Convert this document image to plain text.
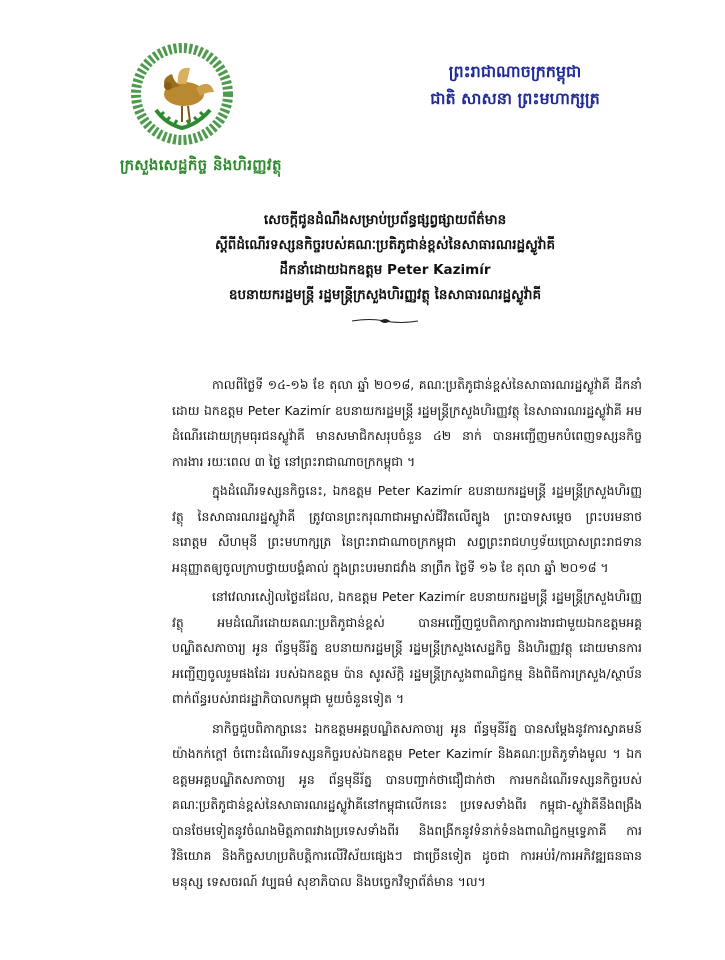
ក្រសួងសេដ្ឋកិច្ច និងហិរញ្ញវត្ថុ
ព្រះរាជាណាចក្រកម្ពុជា
ជាតិ សាសនា ព្រះមហាក្សត្រ
សេចក្តីជូនដំណឹងសម្រាប់ប្រព័ន្ធផ្សព្វផ្សាយព័ត៌មាន
ស្តីពីដំណើរទស្សនកិច្ចរបស់គណៈប្រតិភូជាន់ខ្ពស់នៃសាធារណរដ្ឋស្លូវ៉ាគី
ដឹកនាំដោយឯកឧត្តម Peter Kazimír
ឧបនាយករដ្ឋមន្ត្រី រដ្ឋមន្ត្រីក្រសួងហិរញ្ញវត្ថុ នៃសាធារណរដ្ឋស្លូវ៉ាគី

កាលពីថ្ងៃទី ១៤-១៦ ខែ តុលា ឆ្នាំ ២០១៨, គណៈប្រតិភូជាន់ខ្ពស់នៃសាធារណរដ្ឋស្លូវ៉ាគី ដឹកនាំដោយ ឯកឧត្តម Peter Kazimír ឧបនាយករដ្ឋមន្ត្រី រដ្ឋមន្ត្រីក្រសួងហិរញ្ញវត្ថុ នៃសាធារណរដ្ឋស្លូវ៉ាគី អមដំណើរដោយក្រុមធុរជនស្លូវ៉ាគី មានសមាជិកសរុបចំនួន ៤២ នាក់ បានអញ្ជើញមកបំពេញទស្សនកិច្ចការងារ រយៈពេល ៣ ថ្ងៃ នៅព្រះរាជាណាចក្រកម្ពុជា ។

ក្នុងដំណើរទស្សនកិច្ចនេះ, ឯកឧត្តម Peter Kazimír ឧបនាយករដ្ឋមន្ត្រី រដ្ឋមន្ត្រីក្រសួងហិរញ្ញវត្ថុ នៃសាធារណរដ្ឋស្លូវ៉ាគី ត្រូវបានព្រះករុណាជាអម្ចាស់ជីវិតលើត្បូង ព្រះបាទសម្តេច ព្រះបរមនាថ នរោត្តម សីហមុនី ព្រះមហាក្សត្រ នៃព្រះរាជាណាចក្រកម្ពុជា សព្វព្រះរាជហឫទ័យប្រោសព្រះរាជទានអនុញ្ញាតឲ្យចូលក្រាបថ្វាយបង្គំគាល់ ក្នុងព្រះបរមរាជវាំង នាព្រឹក ថ្ងៃទី ១៦ ខែ តុលា ឆ្នាំ ២០១៨ ។

នៅវេលារសៀលថ្ងៃដដែល, ឯកឧត្តម Peter Kazimír ឧបនាយករដ្ឋមន្ត្រី រដ្ឋមន្ត្រីក្រសួងហិរញ្ញវត្ថុ អមដំណើរដោយគណៈប្រតិភូជាន់ខ្ពស់ បានអញ្ជើញជួបពិភាក្សាការងារជាមួយឯកឧត្តមអគ្គបណ្ឌិតសភាចារ្យ អូន ព័ន្ធមុនីរ័ត្ន ឧបនាយករដ្ឋមន្ត្រី រដ្ឋមន្ត្រីក្រសួងសេដ្ឋកិច្ច និងហិរញ្ញវត្ថុ ដោយមានការអញ្ជើញចូលរួមផងដែរ របស់ឯកឧត្តម ប៉ាន សូរស័ក្តិ រដ្ឋមន្ត្រីក្រសួងពាណិជ្ជកម្ម និងពិធីការក្រសួង/ស្ថាប័នពាក់ព័ន្ធរបស់រាជរដ្ឋាភិបាលកម្ពុជា មួយចំនួនទៀត ។

នាកិច្ចជួបពិភាក្សានេះ ឯកឧត្តមអគ្គបណ្ឌិតសភាចារ្យ អូន ព័ន្ធមុនីរ័ត្ន បានសម្តែងនូវការស្វាគមន៍យ៉ាងកក់ក្តៅ ចំពោះដំណើរទស្សនកិច្ចរបស់ឯកឧត្តម Peter Kazimír និងគណៈប្រតិភូទាំងមូល ។ ឯកឧត្តមអគ្គបណ្ឌិតសភាចារ្យ អូន ព័ន្ធមុនីរ័ត្ន បានបញ្ជាក់ថាជឿជាក់ថា ការមកដំណើរទស្សនកិច្ចរបស់គណៈប្រតិភូជាន់ខ្ពស់នៃសាធារណរដ្ឋស្លូវ៉ាគីនៅកម្ពុជាលើកនេះ ប្រទេសទាំងពីរ កម្ពុជា-ស្លូវ៉ាគីនឹងពង្រឹងបានថែមទៀតនូវចំណងមិត្តភាពរវាងប្រទេសទាំងពីរ និងពង្រីកនូវទំនាក់ទំនងពាណិជ្ជកម្មទ្វេភាគី ការវិនិយោគ និងកិច្ចសហប្រតិបត្តិការលើវិស័យផ្សេងៗ ជាច្រើនទៀត ដូចជា ការអប់រំ/ការអភិវឌ្ឍធនធានមនុស្ស ទេសចរណ៍ វប្បធម៌ សុខាភិបាល និងបច្ចេកវិទ្យាព័ត៌មាន ។ល។
